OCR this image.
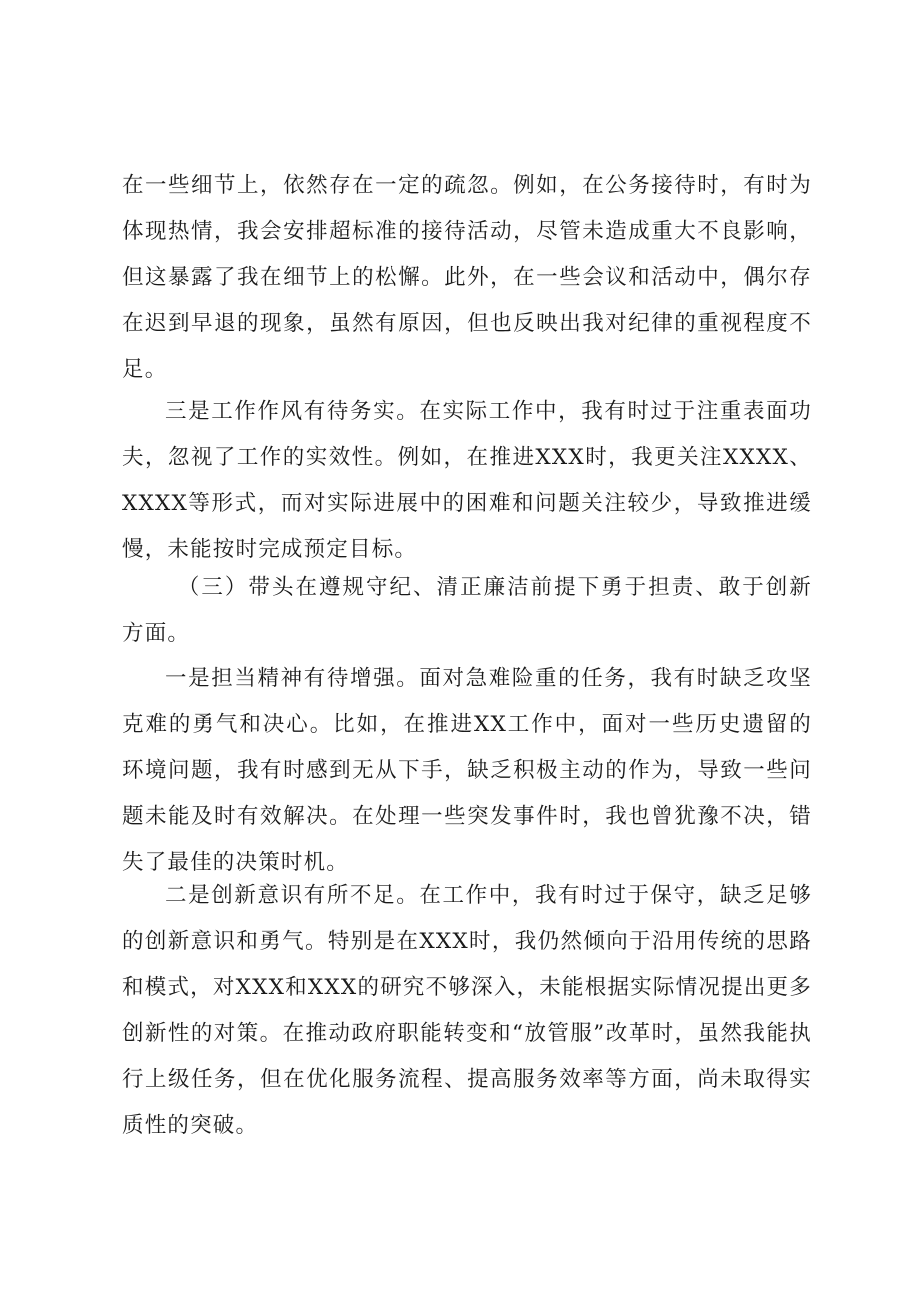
在一些细节上，依然存在一定的疏忽。例如，在公务接待时，有时为体现热情，我会安排超标准的接待活动，尽管未造成重大不良影响，但这暴露了我在细节上的松懈。此外，在一些会议和活动中，偶尔存在迟到早退的现象，虽然有原因，但也反映出我对纪律的重视程度不足。

三是工作作风有待务实。在实际工作中，我有时过于注重表面功夫，忽视了工作的实效性。例如，在推进XXX时，我更关注XXXX、XXXX等形式，而对实际进展中的困难和问题关注较少，导致推进缓慢，未能按时完成预定目标。

（三）带头在遵规守纪、清正廉洁前提下勇于担责、敢于创新方面。

一是担当精神有待增强。面对急难险重的任务，我有时缺乏攻坚克难的勇气和决心。比如，在推进XX工作中，面对一些历史遗留的环境问题，我有时感到无从下手，缺乏积极主动的作为，导致一些问题未能及时有效解决。在处理一些突发事件时，我也曾犹豫不决，错失了最佳的决策时机。

二是创新意识有所不足。在工作中，我有时过于保守，缺乏足够的创新意识和勇气。特别是在XXX时，我仍然倾向于沿用传统的思路和模式，对XXX和XXX的研究不够深入，未能根据实际情况提出更多创新性的对策。在推动政府职能转变和“放管服”改革时，虽然我能执行上级任务，但在优化服务流程、提高服务效率等方面，尚未取得实质性的突破。
